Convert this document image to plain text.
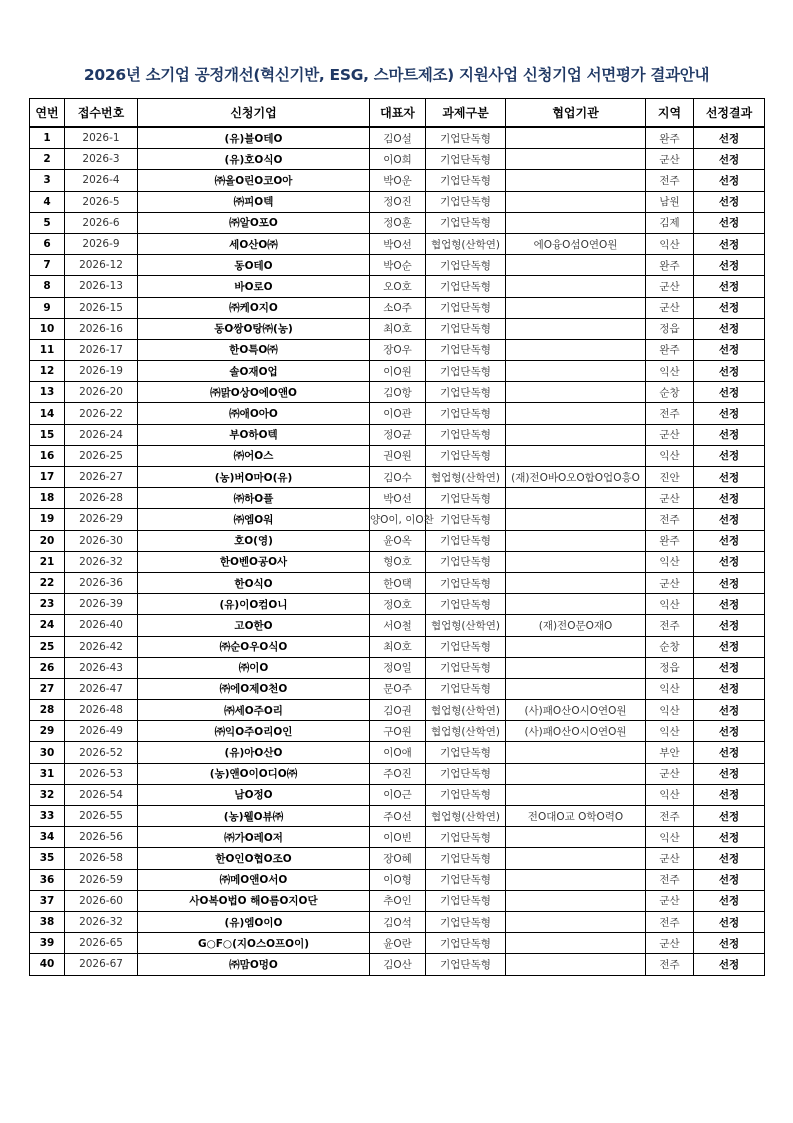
2026년 소기업 공정개선(혁신기반, ESG, 스마트제조) 지원사업 신청기업 서면평가 결과안내
연번	접수번호	신청기업	대표자	과제구분	협업기관	지역	선정결과
1	2026-1	(유)블O테O	김O설	기업단독형		완주	선정
2	2026-3	(유)호O식O	이O희	기업단독형		군산	선정
3	2026-4	㈜올O린O코O아	박O운	기업단독형		전주	선정
4	2026-5	㈜피O텍	정O진	기업단독형		남원	선정
5	2026-6	㈜알O포O	정O훈	기업단독형		김제	선정
6	2026-9	세O산O㈜	박O선	협업형(산학연)	에O융O섬O연O원	익산	선정
7	2026-12	동O테O	박O순	기업단독형		완주	선정
8	2026-13	바O로O	오O호	기업단독형		군산	선정
9	2026-15	㈜케O지O	소O주	기업단독형		군산	선정
10	2026-16	동O쌍O탕㈜(농)	최O호	기업단독형		정읍	선정
11	2026-17	한O특O㈜	장O우	기업단독형		완주	선정
12	2026-19	솔O재O업	이O원	기업단독형		익산	선정
13	2026-20	㈜맑O상O에O앤O	김O항	기업단독형		순창	선정
14	2026-22	㈜애O아O	이O관	기업단독형		전주	선정
15	2026-24	부O하O텍	정O균	기업단독형		군산	선정
16	2026-25	㈜어O스	권O원	기업단독형		익산	선정
17	2026-27	(농)버O마O(유)	김O수	협업형(산학연)	(재)전O바O오O합O업O흥O	진안	선정
18	2026-28	㈜하O플	박O선	기업단독형		군산	선정
19	2026-29	㈜엠O워	양O이, 이O찬	기업단독형		전주	선정
20	2026-30	호O(영)	윤O옥	기업단독형		완주	선정
21	2026-32	한O벤O공O사	형O호	기업단독형		익산	선정
22	2026-36	한O식O	한O택	기업단독형		군산	선정
23	2026-39	(유)이O컴O니	정O호	기업단독형		익산	선정
24	2026-40	고O한O	서O철	협업형(산학연)	(재)전O문O재O	전주	선정
25	2026-42	㈜순O우O식O	최O호	기업단독형		순창	선정
26	2026-43	㈜이O	정O일	기업단독형		정읍	선정
27	2026-47	㈜에O제O천O	문O주	기업단독형		익산	선정
28	2026-48	㈜세O주O리	김O권	협업형(산학연)	(사)패O산O시O연O원	익산	선정
29	2026-49	㈜익O주O리O인	구O원	협업형(산학연)	(사)패O산O시O연O원	익산	선정
30	2026-52	(유)아O산O	이O애	기업단독형		부안	선정
31	2026-53	(농)앤O이O디O㈜	주O진	기업단독형		군산	선정
32	2026-54	남O정O	이O근	기업단독형		익산	선정
33	2026-55	(농)웰O뷰㈜	주O선	협업형(산학연)	전O대O교 O학O력O	전주	선정
34	2026-56	㈜가O레O저	이O빈	기업단독형		익산	선정
35	2026-58	한O인O협O조O	장O혜	기업단독형		군산	선정
36	2026-59	㈜메O앤O서O	이O형	기업단독형		전주	선정
37	2026-60	사O복O법O 해O름O지O단	추O인	기업단독형		군산	선정
38	2026-32	(유)엠O이O	김O석	기업단독형		전주	선정
39	2026-65	G○F○(지O스O프O이)	윤O란	기업단독형		군산	선정
40	2026-67	㈜맘O멍O	김O산	기업단독형		전주	선정
